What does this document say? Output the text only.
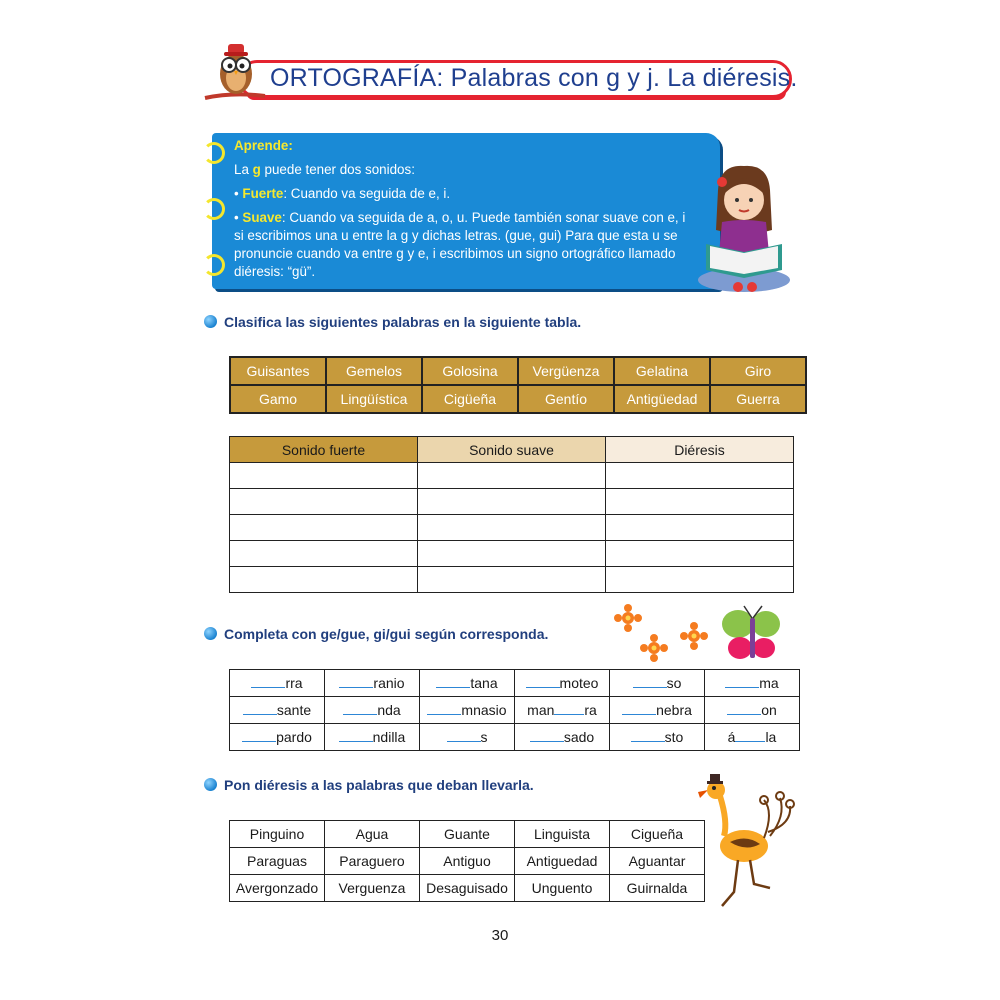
ORTOGRAFÍA: Palabras con g y j. La diéresis.

Aprende:

La g puede tener dos sonidos:

• Fuerte: Cuando va seguida de e, i.

• Suave: Cuando va seguida de a, o, u. Puede también sonar suave con e, i si escribimos una u entre la g y dichas letras. (gue, gui) Para que esta u se pronuncie cuando va entre g y e, i escribimos un signo ortográfico llamado diéresis: “gü”.

Clasifica las siguientes palabras en la siguiente tabla.
Guisantes	Gemelos	Golosina	Vergüenza	Gelatina	Giro
Gamo	Lingüística	Cigüeña	Gentío	Antigüedad	Guerra
Sonido fuerte	Sonido suave	Diéresis

Completa con ge/gue, gi/gui según corresponda.
rra	ranio	tana	moteo	so	ma
sante	nda	mnasio	man ra	nebra	on
pardo	ndilla	s	sado	sto	á la
Pon diéresis a las palabras que deban llevarla.
Pinguino	Agua	Guante	Linguista	Cigueña
Paraguas	Paraguero	Antiguo	Antiguedad	Aguantar
Avergonzado	Verguenza	Desaguisado	Unguento	Guirnalda
30
